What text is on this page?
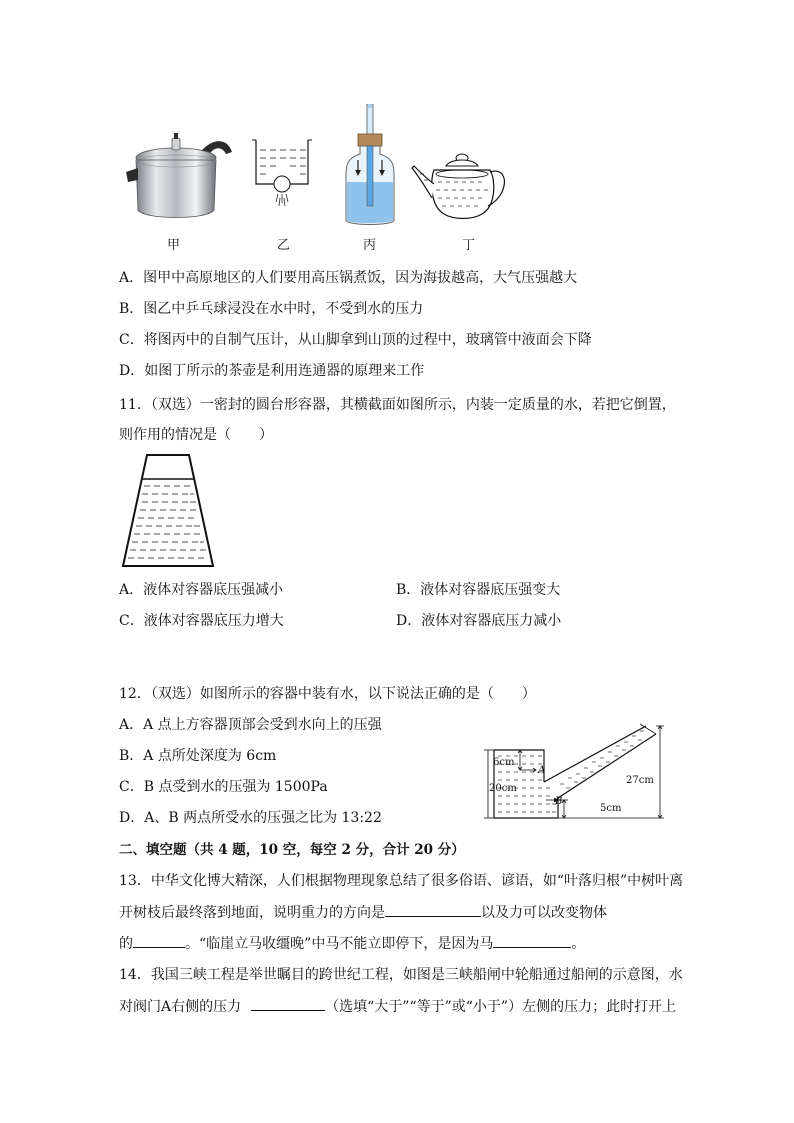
甲	乙	丙	丁
A．图甲中高原地区的人们要用高压锅煮饭，因为海拔越高，大气压强越大
B．图乙中乒乓球浸没在水中时，不受到水的压力
C．将图丙中的自制气压计，从山脚拿到山顶的过程中，玻璃管中液面会下降
D．如图丁所示的茶壶是利用连通器的原理来工作
11．（双选）一密封的圆台形容器，其横截面如图所示，内装一定质量的水，若把它倒置，
则作用的情况是（　　）
A．液体对容器底压强减小	B．液体对容器底压强变大
C．液体对容器底压力增大	D．液体对容器底压力减小
12．（双选）如图所示的容器中装有水，以下说法正确的是（　　）
A．A 点上方容器顶部会受到水向上的压强
B．A 点所处深度为 6cm
C．B 点受到水的压强为 1500Pa
D．A、B 两点所受水的压强之比为 13:22
6cm
20cm
27cm
5cm
A
B
二、填空题（共 4 题，10 空，每空 2 分，合计 20 分）
13．中华文化博大精深，人们根据物理现象总结了很多俗语、谚语，如“叶落归根”中树叶离
开树枝后最终落到地面，说明重力的方向是	以及力可以改变物体
的	。“临崖立马收缰晚”中马不能立即停下，是因为马	。
14．我国三峡工程是举世瞩目的跨世纪工程，如图是三峡船闸中轮船通过船闸的示意图，水
对阀门A右侧的压力	（选填“大于”“等于”或“小于”）左侧的压力；此时打开上
